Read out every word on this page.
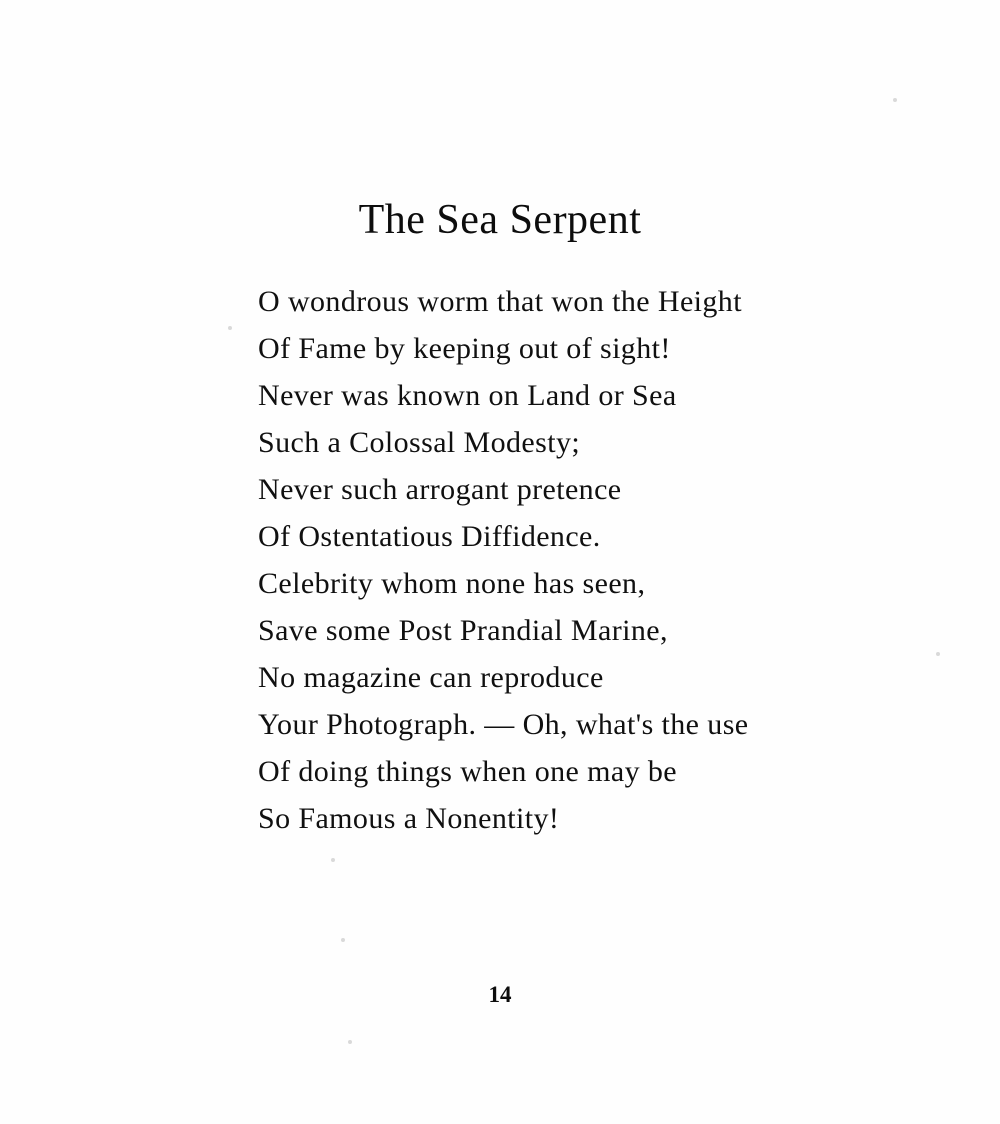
The Sea Serpent
O wondrous worm that won the Height
Of Fame by keeping out of sight!
Never was known on Land or Sea
Such a Colossal Modesty;
Never such arrogant pretence
Of Ostentatious Diffidence.
Celebrity whom none has seen,
Save some Post Prandial Marine,
No magazine can reproduce
Your Photograph. — Oh, what's the use
Of doing things when one may be
So Famous a Nonentity!
14
